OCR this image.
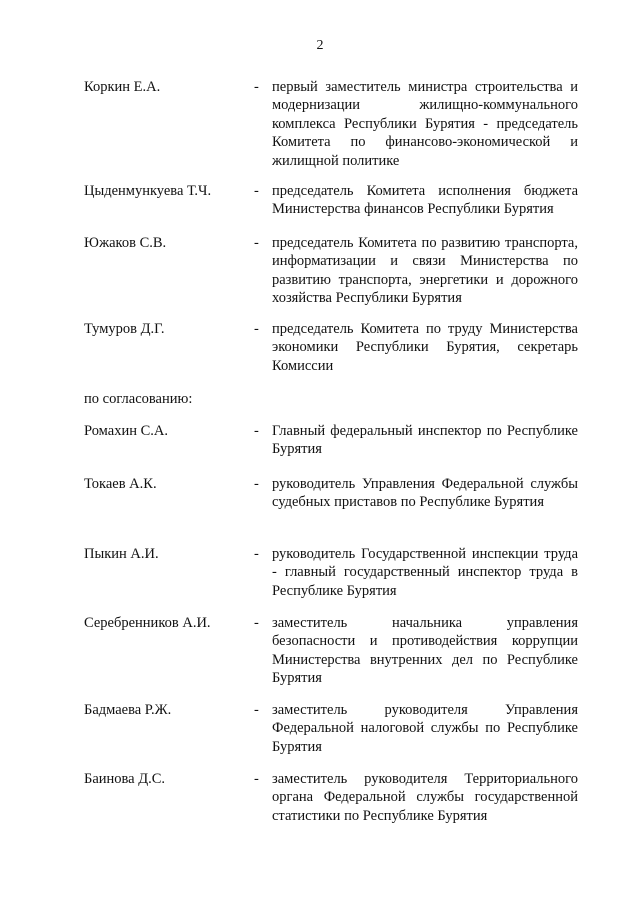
2
Коркин Е.А.	- первый заместитель министра строительства и модернизации жилищно-коммунального комплекса Республики Бурятия - председатель Комитета по финансово-экономической и жилищной политике
Цыденмункуева Т.Ч.	- председатель Комитета исполнения бюджета Министерства финансов Республики Бурятия
Южаков С.В.	- председатель Комитета по развитию транспорта, информатизации и связи Министерства по развитию транспорта, энергетики и дорожного хозяйства Республики Бурятия
Тумуров Д.Г.	- председатель Комитета по труду Министерства экономики Республики Бурятия, секретарь Комиссии
по согласованию:
Ромахин С.А.	- Главный федеральный инспектор по Республике Бурятия
Токаев А.К.	- руководитель Управления Федеральной службы судебных приставов по Республике Бурятия
Пыкин А.И.	- руководитель Государственной инспекции труда - главный государственный инспектор труда в Республике Бурятия
Серебренников А.И.	- заместитель начальника управления безопасности и противодействия коррупции Министерства внутренних дел по Республике Бурятия
Бадмаева Р.Ж.	- заместитель руководителя Управления Федеральной налоговой службы по Республике Бурятия
Баинова Д.С.	- заместитель руководителя Территориального органа Федеральной службы государственной статистики по Республике Бурятия
